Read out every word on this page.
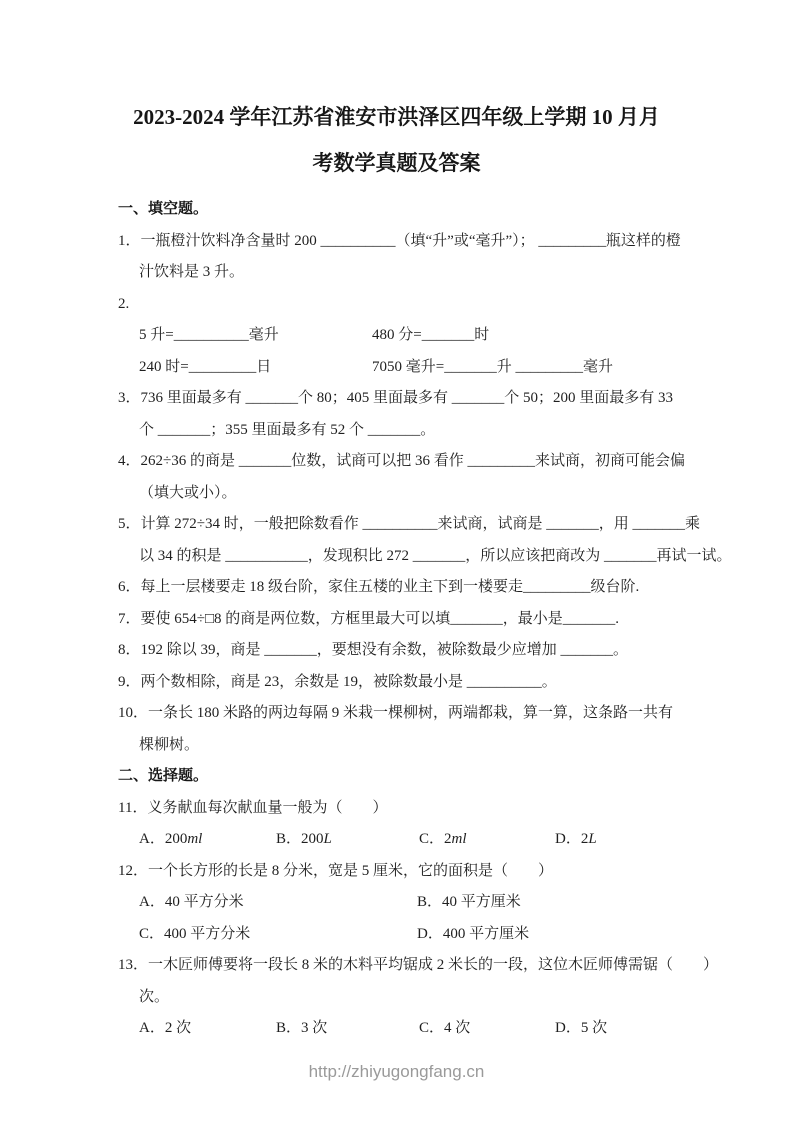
2023-2024 学年江苏省淮安市洪泽区四年级上学期 10 月月
考数学真题及答案
一、填空题。
1．一瓶橙汁饮料净含量时 200 __________（填“升”或“毫升”）； _________瓶这样的橙
汁饮料是 3 升。
2.
5 升=__________毫升	480 分=_______时
240 时=_________日	7050 毫升=_______升 _________毫升
3．736 里面最多有 _______个 80；405 里面最多有 _______个 50；200 里面最多有 33
个 _______；355 里面最多有 52 个 _______。
4．262÷36 的商是 _______位数，试商可以把 36 看作 _________来试商，初商可能会偏
（填大或小）。
5．计算 272÷34 时，一般把除数看作 __________来试商，试商是 _______，用 _______乘
以 34 的积是 ___________，发现积比 272 _______，所以应该把商改为 _______再试一试。
6．每上一层楼要走 18 级台阶，家住五楼的业主下到一楼要走_________级台阶.
7．要使 654÷□8 的商是两位数，方框里最大可以填_______，最小是_______.
8．192 除以 39，商是 _______，要想没有余数，被除数最少应增加 _______。
9．两个数相除，商是 23，余数是 19，被除数最小是 __________。
10．一条长 180 米路的两边每隔 9 米栽一棵柳树，两端都栽，算一算，这条路一共有
棵柳树。
二、选择题。
11．义务献血每次献血量一般为（　　）
A．200ml	B．200L	C．2ml	D．2L
12．一个长方形的长是 8 分米，宽是 5 厘米，它的面积是（　　）
A．40 平方分米	B．40 平方厘米
C．400 平方分米	D．400 平方厘米
13．一木匠师傅要将一段长 8 米的木料平均锯成 2 米长的一段，这位木匠师傅需锯（　　）
次。
A．2 次	B．3 次	C．4 次	D．5 次
http://zhiyugongfang.cn
